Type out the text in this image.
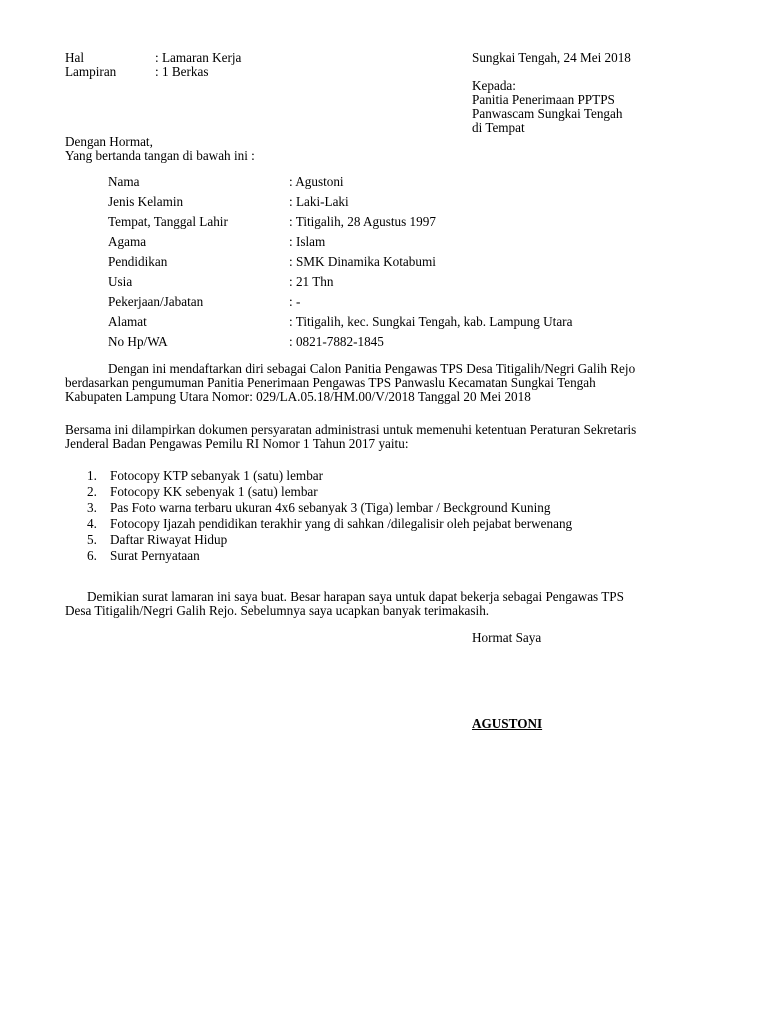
Hal	: Lamaran Kerja
Lampiran	: 1 Berkas
Sungkai Tengah, 24 Mei 2018
Kepada:
Panitia Penerimaan PPTPS
Panwascam Sungkai Tengah
di Tempat
Dengan Hormat,
Yang bertanda tangan di bawah ini :
Nama	: Agustoni
Jenis Kelamin	: Laki-Laki
Tempat, Tanggal Lahir	: Titigalih, 28 Agustus 1997
Agama	: Islam
Pendidikan	: SMK Dinamika Kotabumi
Usia	: 21 Thn
Pekerjaan/Jabatan	: -
Alamat	: Titigalih, kec. Sungkai Tengah, kab. Lampung Utara
No Hp/WA	: 0821-7882-1845
Dengan ini mendaftarkan diri sebagai Calon Panitia Pengawas TPS Desa Titigalih/Negri Galih Rejo
berdasarkan pengumuman Panitia Penerimaan Pengawas TPS Panwaslu Kecamatan Sungkai Tengah
Kabupaten Lampung Utara Nomor: 029/LA.05.18/HM.00/V/2018 Tanggal 20 Mei 2018
Bersama ini dilampirkan dokumen persyaratan administrasi untuk memenuhi ketentuan Peraturan Sekretaris
Jenderal Badan Pengawas Pemilu RI Nomor 1 Tahun 2017 yaitu:
1. Fotocopy KTP sebanyak 1 (satu) lembar
2. Fotocopy KK sebenyak 1 (satu) lembar
3. Pas Foto warna terbaru ukuran 4x6 sebanyak 3 (Tiga) lembar / Beckground Kuning
4. Fotocopy Ijazah pendidikan terakhir yang di sahkan /dilegalisir oleh pejabat berwenang
5. Daftar Riwayat Hidup
6. Surat Pernyataan
Demikian surat lamaran ini saya buat. Besar harapan saya untuk dapat bekerja sebagai Pengawas TPS
Desa Titigalih/Negri Galih Rejo. Sebelumnya saya ucapkan banyak terimakasih.
Hormat Saya
AGUSTONI
